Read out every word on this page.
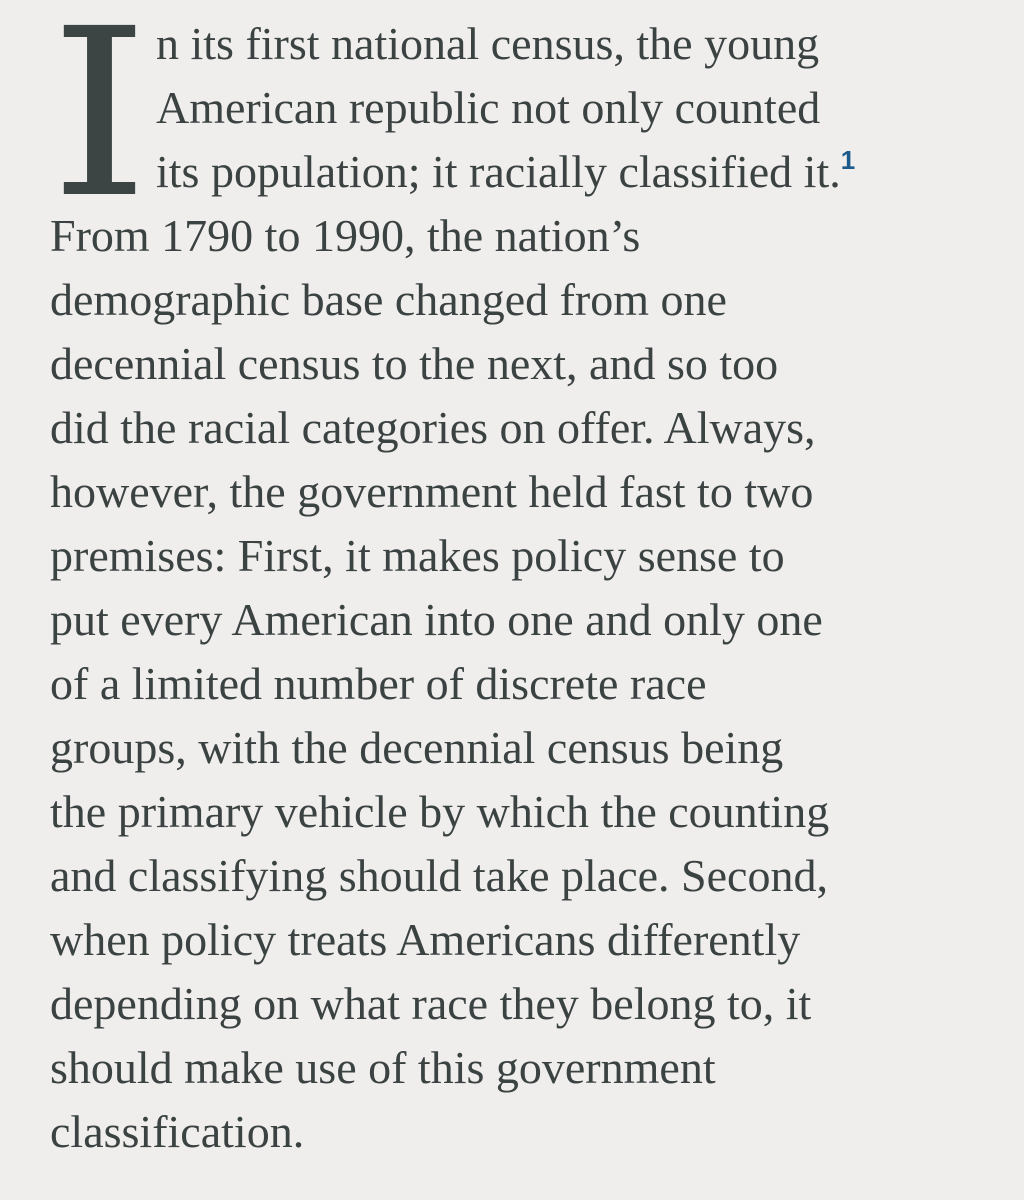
I n its first national census, the young
American republic not only counted
its population; it racially classified it.$^1$
From 1790 to 1990, the nation’s
demographic base changed from one
decennial census to the next, and so too
did the racial categories on offer. Always,
however, the government held fast to two
premises: First, it makes policy sense to
put every American into one and only one
of a limited number of discrete race
groups, with the decennial census being
the primary vehicle by which the counting
and classifying should take place. Second,
when policy treats Americans differently
depending on what race they belong to, it
should make use of this government
classification.
